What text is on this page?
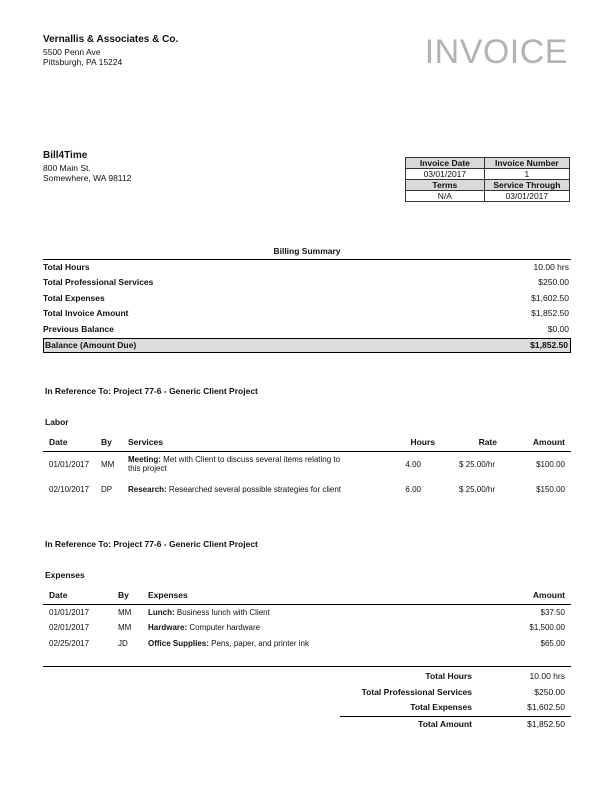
Vernallis & Associates & Co.
5500 Penn Ave
Pittsburgh, PA 15224	INVOICE
Bill4Time
800 Main St.
Somewhere, WA 98112
Invoice Date	Invoice Number
03/01/2017	1
Terms	Service Through
N/A	03/01/2017
Billing Summary
Total Hours	10.00 hrs
Total Professional Services	$250.00
Total Expenses	$1,602.50
Total Invoice Amount	$1,852.50
Previous Balance	$0.00
Balance (Amount Due)	$1,852.50
In Reference To: Project 77-6 - Generic Client Project
Labor
Date	By	Services	Hours	Rate	Amount
01/01/2017	MM	Meeting: Met with Client to discuss several items relating to this project	4.00	$ 25.00/hr	$100.00
02/10/2017	DP	Research: Researched several possible strategies for client	6.00	$ 25.00/hr	$150.00
In Reference To: Project 77-6 - Generic Client Project
Expenses
Date	By	Expenses	Amount
01/01/2017	MM	Lunch: Business lunch with Client	$37.50
02/01/2017	MM	Hardware: Computer hardware	$1,500.00
02/25/2017	JD	Office Supplies: Pens, paper, and printer ink	$65.00
Total Hours	10.00 hrs
Total Professional Services	$250.00
Total Expenses	$1,602.50
Total Amount	$1,852.50
